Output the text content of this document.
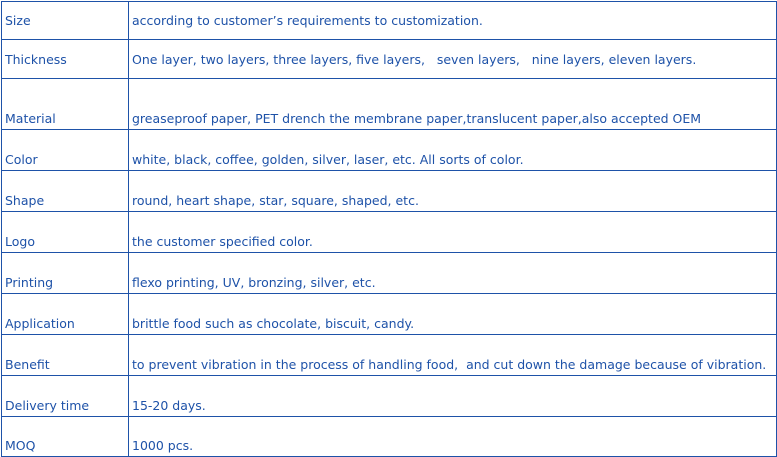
Size	according to customer’s requirements to customization.
Thickness	One layer, two layers, three layers, five layers,   seven layers,   nine layers, eleven layers.
Material	greaseproof paper, PET drench the membrane paper,translucent paper,also accepted OEM
Color	white, black, coffee, golden, silver, laser, etc. All sorts of color.
Shape	round, heart shape, star, square, shaped, etc.
Logo	the customer specified color.
Printing	flexo printing, UV, bronzing, silver, etc.
Application	brittle food such as chocolate, biscuit, candy.
Benefit	to prevent vibration in the process of handling food,  and cut down the damage because of vibration.
Delivery time	15-20 days.
MOQ	1000 pcs.
